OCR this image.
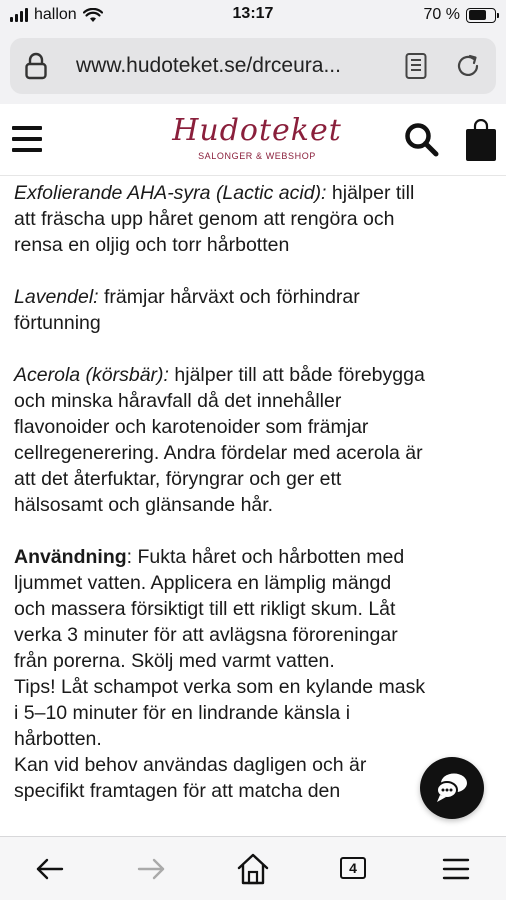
hallon	13:17	70 %
www.hudoteket.se/drceura...
Hudoteket
SALONGER & WEBSHOP
Exfolierande AHA-syra (Lactic acid): hjälper till
att fräscha upp håret genom att rengöra och
rensa en oljig och torr hårbotten
Lavendel: främjar hårväxt och förhindrar
förtunning
Acerola (körsbär): hjälper till att både förebygga
och minska håravfall då det innehåller
flavonoider och karotenoider som främjar
cellregenerering. Andra fördelar med acerola är
att det återfuktar, föryngrar och ger ett
hälsosamt och glänsande hår.
Användning: Fukta håret och hårbotten med
ljummet vatten. Applicera en lämplig mängd
och massera försiktigt till ett rikligt skum. Låt
verka 3 minuter för att avlägsna föroreningar
från porerna. Skölj med varmt vatten.
Tips! Låt schampot verka som en kylande mask
i 5–10 minuter för en lindrande känsla i
hårbotten.
Kan vid behov användas dagligen och är
specifikt framtagen för att matcha den
4
